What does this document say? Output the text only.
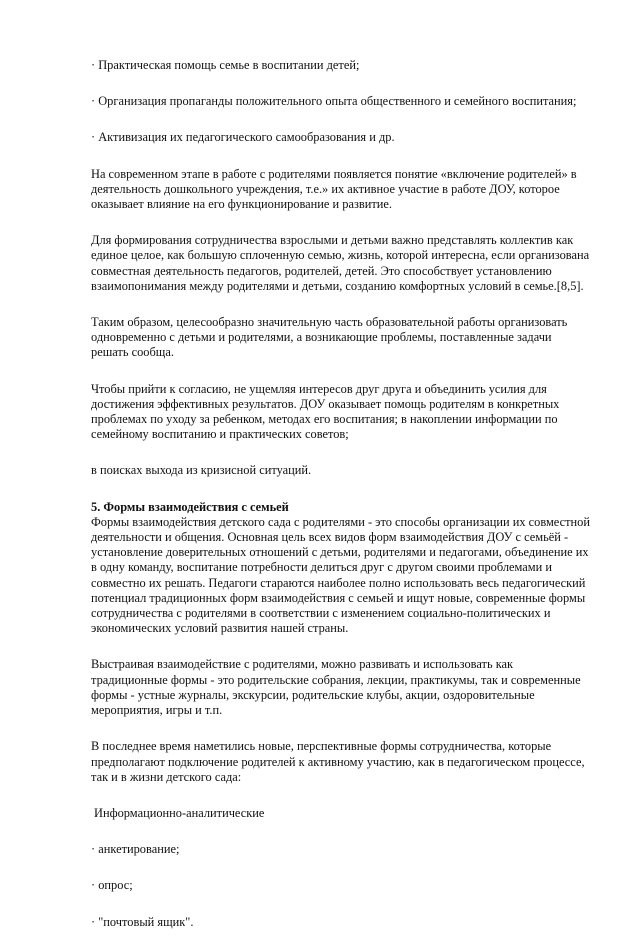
· Практическая помощь семье в воспитании детей;

· Организация пропаганды положительного опыта общественного и семейного воспитания;

· Активизация их педагогического самообразования и др.

На современном этапе в работе с родителями появляется понятие «включение родителей» в деятельность дошкольного учреждения, т.е.» их активное участие в работе ДОУ, которое оказывает влияние на его функционирование и развитие.

Для формирования сотрудничества взрослыми и детьми важно представлять коллектив как единое целое, как большую сплоченную семью, жизнь, которой интересна, если организована совместная деятельность педагогов, родителей, детей. Это способствует установлению взаимопонимания между родителями и детьми, созданию комфортных условий в семье.[8,5].

Таким образом, целесообразно значительную часть образовательной работы организовать одновременно с детьми и родителями, а возникающие проблемы, поставленные задачи решать сообща.

Чтобы прийти к согласию, не ущемляя интересов друг друга и объединить усилия для достижения эффективных результатов. ДОУ оказывает помощь родителям в конкретных проблемах по уходу за ребенком, методах его воспитания; в накоплении информации по семейному воспитанию и практических советов;

в поисках выхода из кризисной ситуаций.

5. Формы взаимодействия с семьей

Формы взаимодействия детского сада с родителями - это способы организации их совместной деятельности и общения. Основная цель всех видов форм взаимодействия ДОУ с семьёй - установление доверительных отношений с детьми, родителями и педагогами, объединение их в одну команду, воспитание потребности делиться друг с другом своими проблемами и совместно их решать. Педагоги стараются наиболее полно использовать весь педагогический потенциал традиционных форм взаимодействия с семьей и ищут новые, современные формы сотрудничества с родителями в соответствии с изменением социально-политических и экономических условий развития нашей страны.

Выстраивая взаимодействие с родителями, можно развивать и использовать как традиционные формы - это родительские собрания, лекции, практикумы, так и современные формы - устные журналы, экскурсии, родительские клубы, акции, оздоровительные мероприятия, игры и т.п.

В последнее время наметились новые, перспективные формы сотрудничества, которые предполагают подключение родителей к активному участию, как в педагогическом процессе, так и в жизни детского сада:

Информационно-аналитические

· анкетирование;

· опрос;

· "почтовый ящик".
